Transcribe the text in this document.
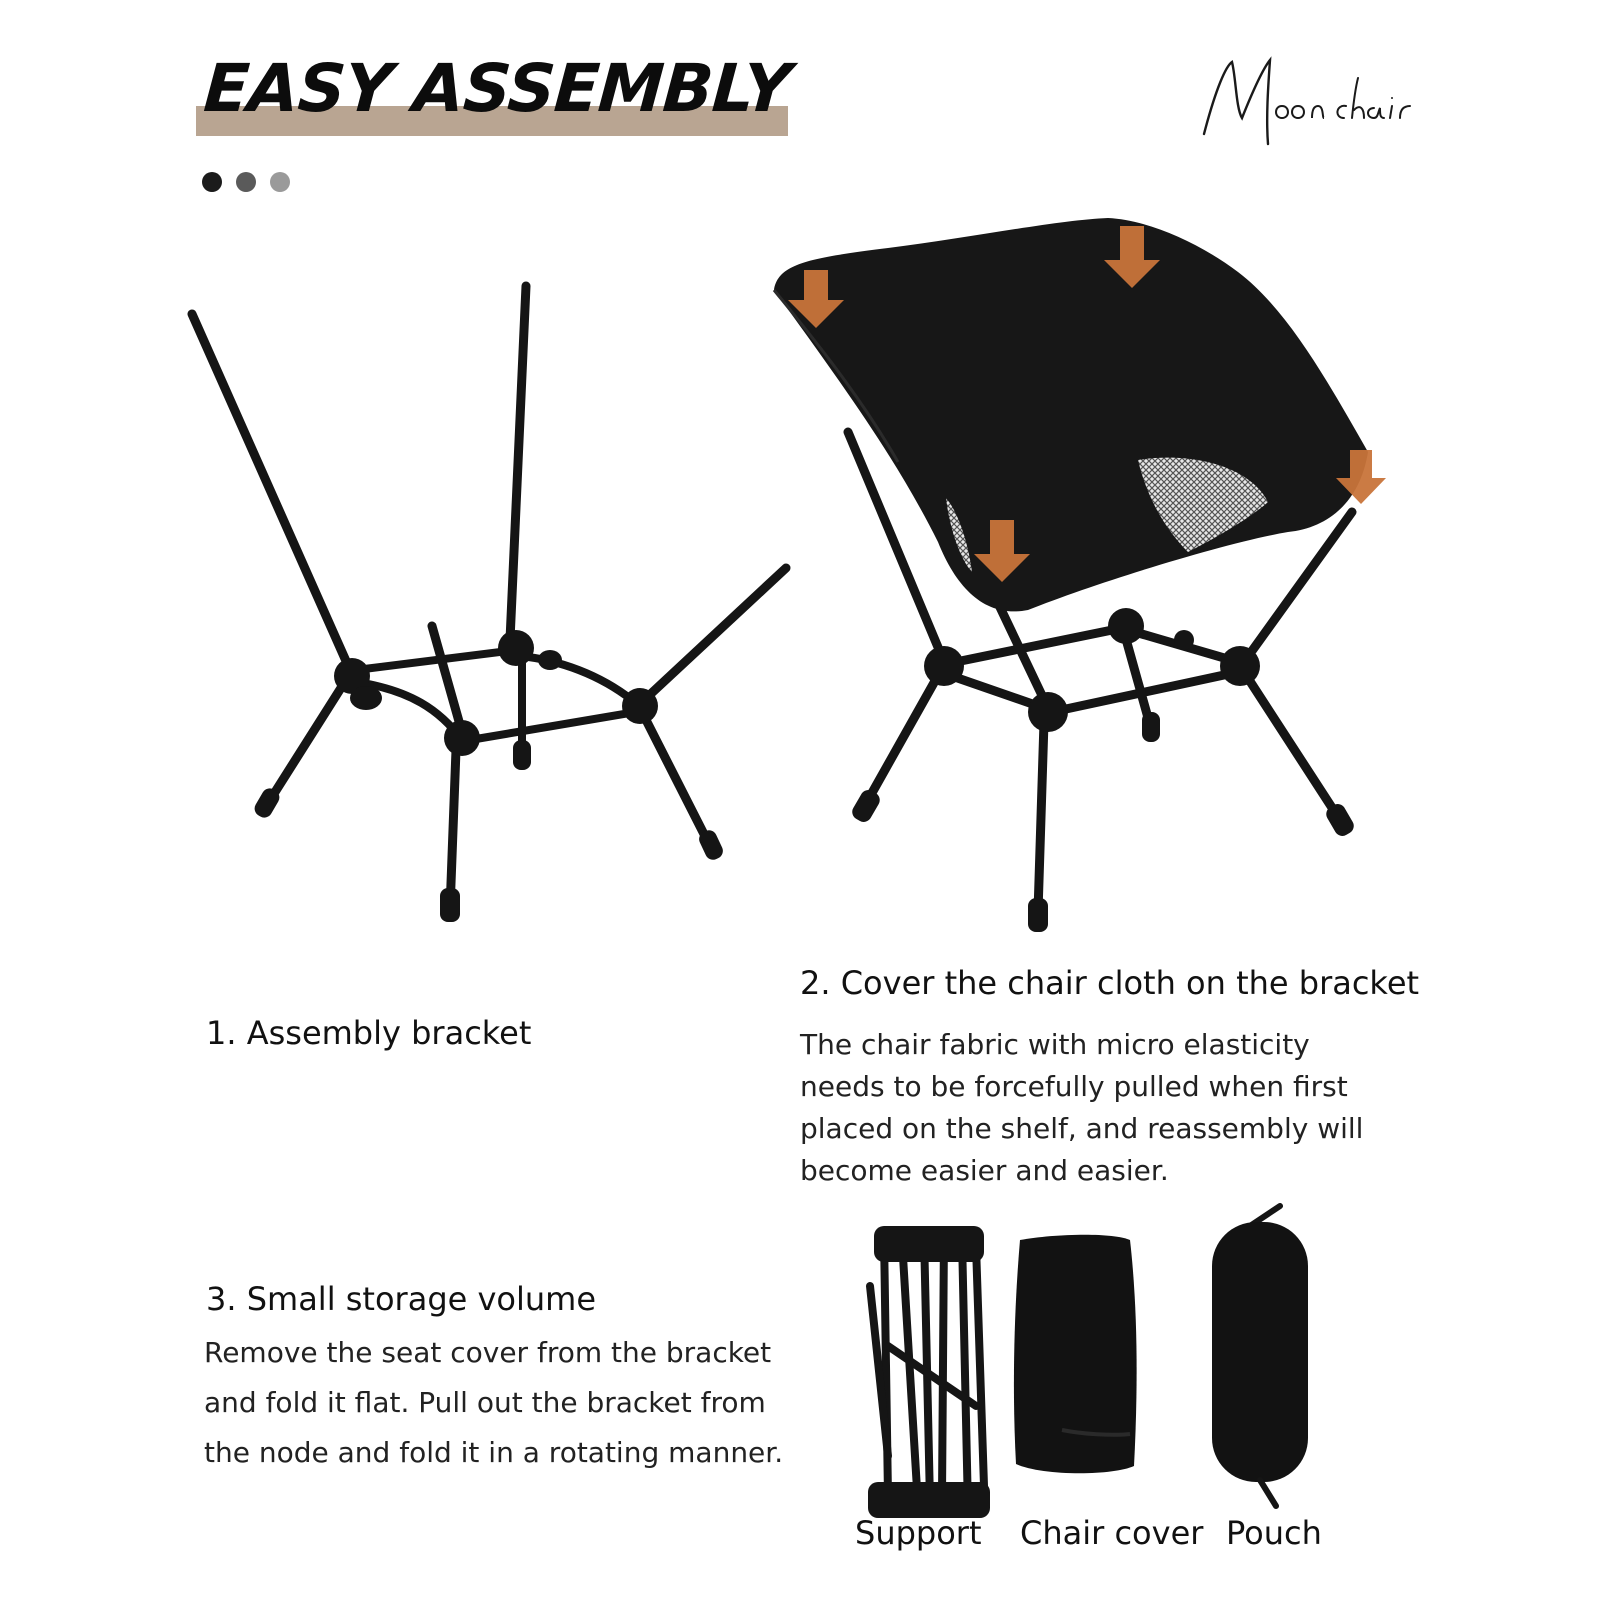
EASY ASSEMBLY

1. Assembly bracket

2. Cover the chair cloth on the bracket

The chair fabric with micro elasticity
needs to be forcefully pulled when first
placed on the shelf, and reassembly will
become easier and easier.

3. Small storage volume

Remove the seat cover from the bracket
and fold it flat. Pull out the bracket from
the node and fold it in a rotating manner.

Support Chair cover Pouch
